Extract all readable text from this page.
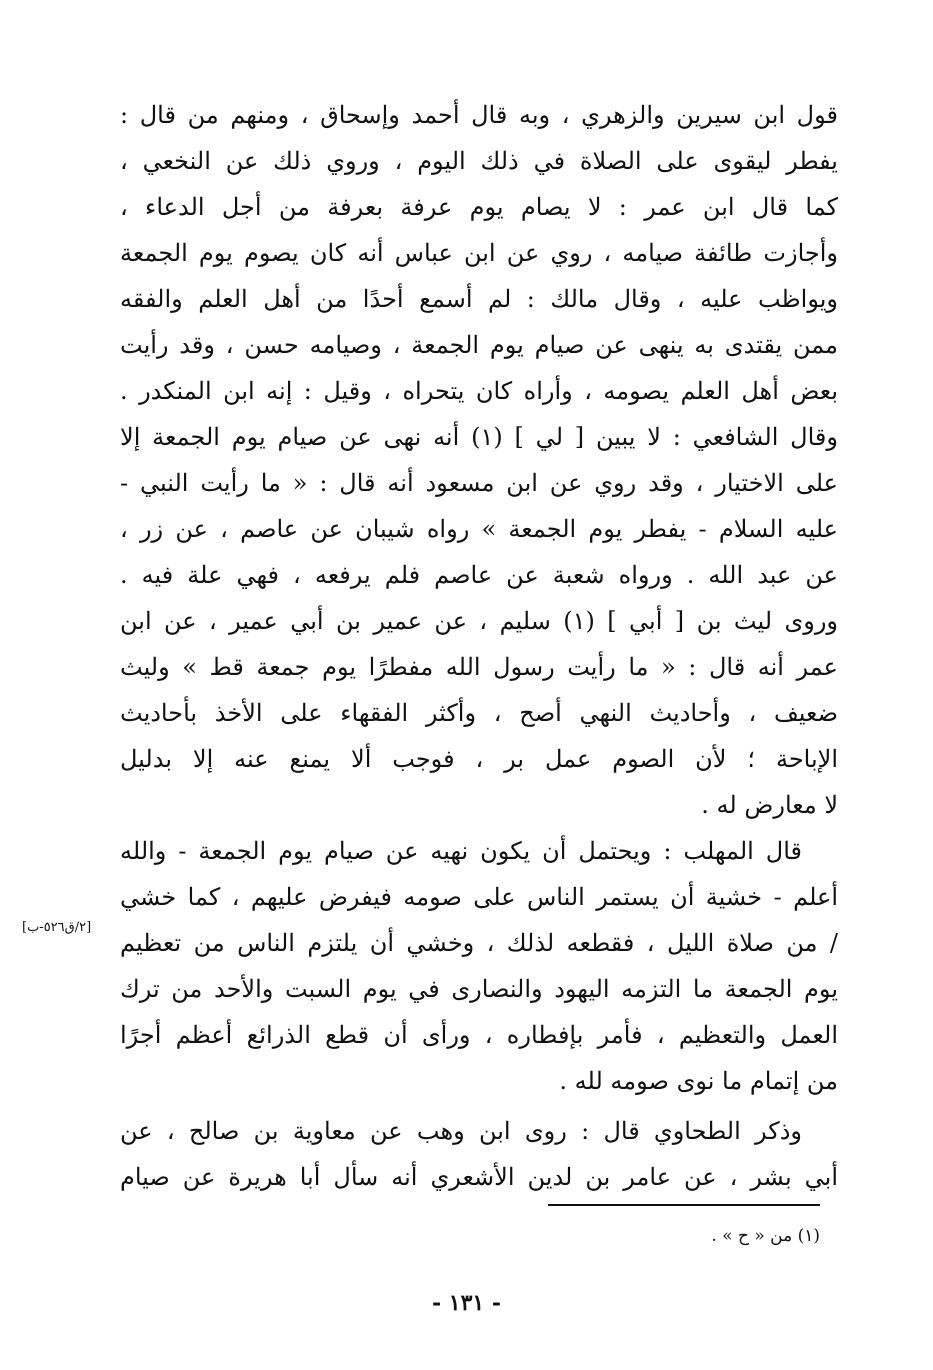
قول ابن سيرين والزهري ، وبه قال أحمد وإسحاق ، ومنهم من قال :
يفطر ليقوى على الصلاة في ذلك اليوم ، وروي ذلك عن النخعي ،
كما قال ابن عمر : لا يصام يوم عرفة بعرفة من أجل الدعاء ،
وأجازت طائفة صيامه ، روي عن ابن عباس أنه كان يصوم يوم الجمعة
ويواظب عليه ، وقال مالك : لم أسمع أحدًا من أهل العلم والفقه
ممن يقتدى به ينهى عن صيام يوم الجمعة ، وصيامه حسن ، وقد رأيت
بعض أهل العلم يصومه ، وأراه كان يتحراه ، وقيل : إنه ابن المنكدر .
وقال الشافعي : لا يبين [ لي ] (١) أنه نهى عن صيام يوم الجمعة إلا
على الاختيار ، وقد روي عن ابن مسعود أنه قال : « ما رأيت النبي -
عليه السلام - يفطر يوم الجمعة » رواه شيبان عن عاصم ، عن زر ،
عن عبد الله . ورواه شعبة عن عاصم فلم يرفعه ، فهي علة فيه .
وروى ليث بن [ أبي ] (١) سليم ، عن عمير بن أبي عمير ، عن ابن
عمر أنه قال : « ما رأيت رسول الله مفطرًا يوم جمعة قط » وليث
ضعيف ، وأحاديث النهي أصح ، وأكثر الفقهاء على الأخذ بأحاديث
الإباحة ؛ لأن الصوم عمل بر ، فوجب ألا يمنع عنه إلا بدليل
لا معارض له .
قال المهلب : ويحتمل أن يكون نهيه عن صيام يوم الجمعة - والله
أعلم - خشية أن يستمر الناس على صومه فيفرض عليهم ، كما خشي
/ من صلاة الليل ، فقطعه لذلك ، وخشي أن يلتزم الناس من تعظيم
يوم الجمعة ما التزمه اليهود والنصارى في يوم السبت والأحد من ترك
العمل والتعظيم ، فأمر بإفطاره ، ورأى أن قطع الذرائع أعظم أجرًا
من إتمام ما نوى صومه لله .
[٢/ق٥٢٦-ب]
وذكر الطحاوي قال : روى ابن وهب عن معاوية بن صالح ، عن
أبي بشر ، عن عامر بن لدين الأشعري أنه سأل أبا هريرة عن صيام
(١) من « ح » .
- ١٣١ -
